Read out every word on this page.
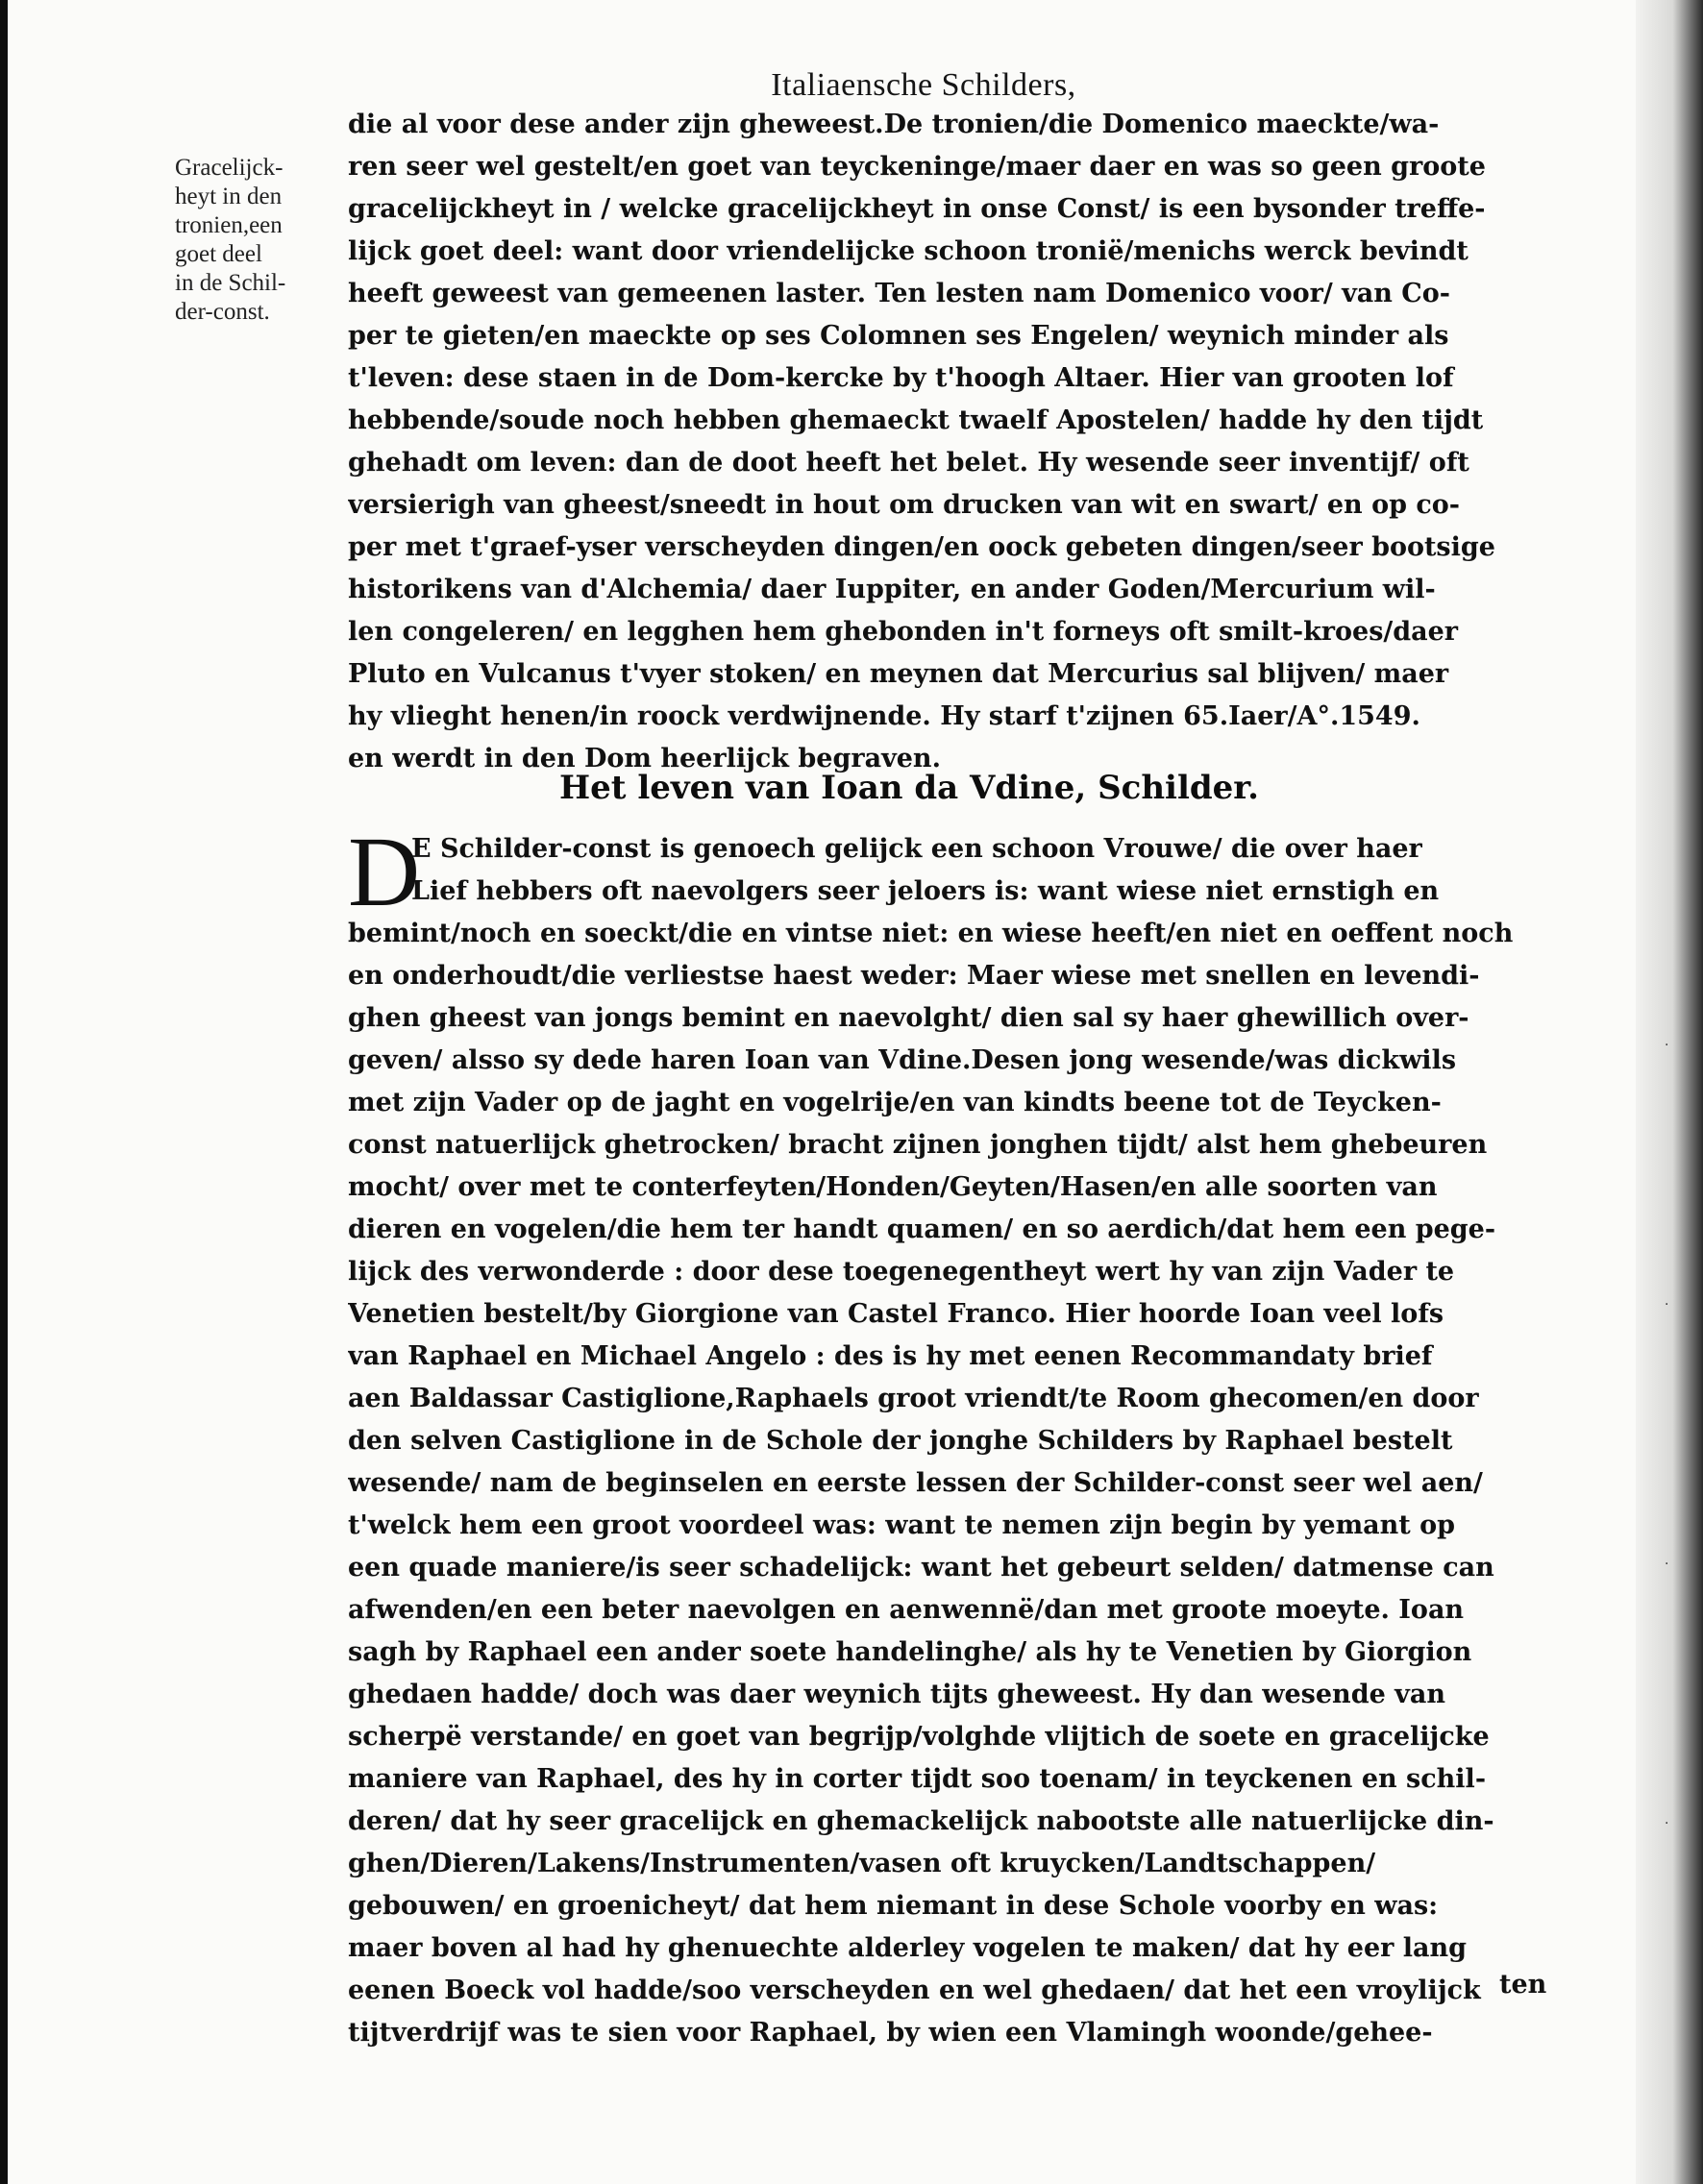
·
·
·
·
Italiaensche Schilders,
Gracelijck-
heyt in den
tronien,een
goet deel
in de Schil-
der-const.
die al voor dese ander zijn gheweest.De tronien/die Domenico maeckte/wa-
ren seer wel gestelt/en goet van teyckeninge/maer daer en was so geen groote
gracelijckheyt in / welcke gracelijckheyt in onse Const/ is een bysonder treffe-
lijck goet deel: want door vriendelijcke schoon tronië/menichs werck bevindt
heeft geweest van gemeenen laster. Ten lesten nam Domenico voor/ van Co-
per te gieten/en maeckte op ses Colomnen ses Engelen/ weynich minder als
t'leven: dese staen in de Dom-kercke by t'hoogh Altaer. Hier van grooten lof
hebbende/soude noch hebben ghemaeckt twaelf Apostelen/ hadde hy den tijdt
ghehadt om leven: dan de doot heeft het belet. Hy wesende seer inventijf/ oft
versierigh van gheest/sneedt in hout om drucken van wit en swart/ en op co-
per met t'graef-yser verscheyden dingen/en oock gebeten dingen/seer bootsige
historikens van d'Alchemia/ daer Iuppiter, en ander Goden/Mercurium wil-
len congeleren/ en legghen hem ghebonden in't forneys oft smilt-kroes/daer
Pluto en Vulcanus t'vyer stoken/ en meynen dat Mercurius sal blijven/ maer
hy vlieght henen/in roock verdwijnende. Hy starf t'zijnen 65.Iaer/A°.1549.
en werdt in den Dom heerlijck begraven.
Het leven van Ioan da Vdine, Schilder.
D
E Schilder-const is genoech gelijck een schoon Vrouwe/ die over haer
Lief hebbers oft naevolgers seer jeloers is: want wiese niet ernstigh en
bemint/noch en soeckt/die en vintse niet: en wiese heeft/en niet en oeffent noch
en onderhoudt/die verliestse haest weder: Maer wiese met snellen en levendi-
ghen gheest van jongs bemint en naevolght/ dien sal sy haer ghewillich over-
geven/ alsso sy dede haren Ioan van Vdine.Desen jong wesende/was dickwils
met zijn Vader op de jaght en vogelrije/en van kindts beene tot de Teycken-
const natuerlijck ghetrocken/ bracht zijnen jonghen tijdt/ alst hem ghebeuren
mocht/ over met te conterfeyten/Honden/Geyten/Hasen/en alle soorten van
dieren en vogelen/die hem ter handt quamen/ en so aerdich/dat hem een pege-
lijck des verwonderde : door dese toegenegentheyt wert hy van zijn Vader te
Venetien bestelt/by Giorgione van Castel Franco. Hier hoorde Ioan veel lofs
van Raphael en Michael Angelo : des is hy met eenen Recommandaty brief
aen Baldassar Castiglione,Raphaels groot vriendt/te Room ghecomen/en door
den selven Castiglione in de Schole der jonghe Schilders by Raphael bestelt
wesende/ nam de beginselen en eerste lessen der Schilder-const seer wel aen/
t'welck hem een groot voordeel was: want te nemen zijn begin by yemant op
een quade maniere/is seer schadelijck: want het gebeurt selden/ datmense can
afwenden/en een beter naevolgen en aenwennë/dan met groote moeyte. Ioan
sagh by Raphael een ander soete handelinghe/ als hy te Venetien by Giorgion
ghedaen hadde/ doch was daer weynich tijts gheweest. Hy dan wesende van
scherpë verstande/ en goet van begrijp/volghde vlijtich de soete en gracelijcke
maniere van Raphael, des hy in corter tijdt soo toenam/ in teyckenen en schil-
deren/ dat hy seer gracelijck en ghemackelijck nabootste alle natuerlijcke din-
ghen/Dieren/Lakens/Instrumenten/vasen oft kruycken/Landtschappen/
gebouwen/ en groenicheyt/ dat hem niemant in dese Schole voorby en was:
maer boven al had hy ghenuechte alderley vogelen te maken/ dat hy eer lang
eenen Boeck vol hadde/soo verscheyden en wel ghedaen/ dat het een vroylijck
tijtverdrijf was te sien voor Raphael, by wien een Vlamingh woonde/gehee-
ten
